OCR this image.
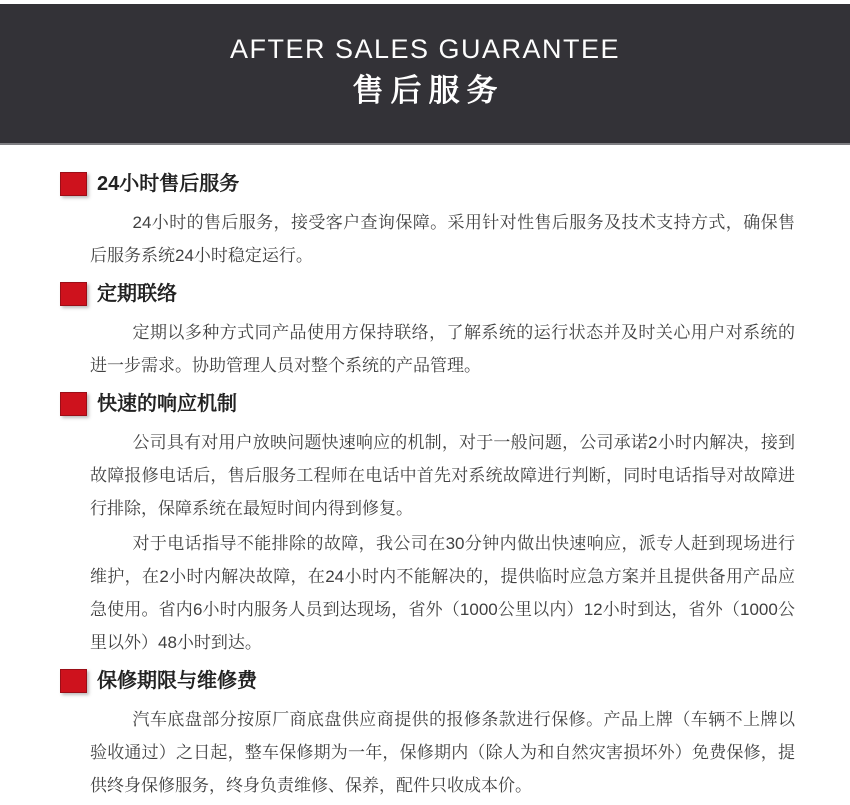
AFTER SALES GUARANTEE
售后服务
24小时售后服务

24小时的售后服务，接受客户查询保障。采用针对性售后服务及技术支持方式，确保售后服务系统24小时稳定运行。

定期联络

定期以多种方式同产品使用方保持联络，了解系统的运行状态并及时关心用户对系统的进一步需求。协助管理人员对整个系统的产品管理。

快速的响应机制

公司具有对用户放映问题快速响应的机制，对于一般问题，公司承诺2小时内解决，接到故障报修电话后，售后服务工程师在电话中首先对系统故障进行判断，同时电话指导对故障进行排除，保障系统在最短时间内得到修复。

对于电话指导不能排除的故障，我公司在30分钟内做出快速响应，派专人赶到现场进行维护，在2小时内解决故障，在24小时内不能解决的，提供临时应急方案并且提供备用产品应急使用。省内6小时内服务人员到达现场，省外（1000公里以内）12小时到达，省外（1000公里以外）48小时到达。

保修期限与维修费

汽车底盘部分按原厂商底盘供应商提供的报修条款进行保修。产品上牌（车辆不上牌以验收通过）之日起，整车保修期为一年，保修期内（除人为和自然灾害损坏外）免费保修，提供终身保修服务，终身负责维修、保养，配件只收成本价。
